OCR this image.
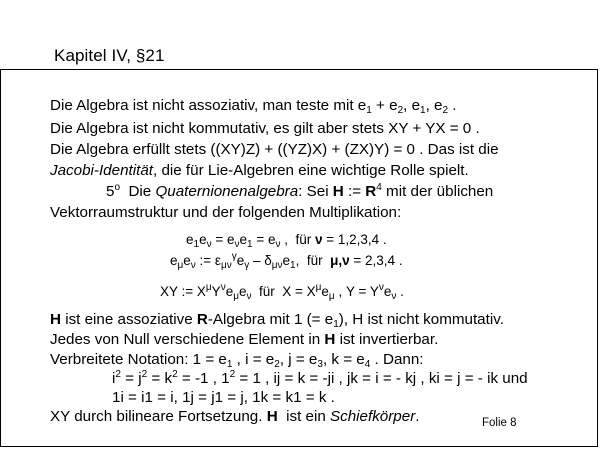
Kapitel IV, §21
Die Algebra ist nicht assoziativ, man teste mit $e_1 + e_2$, $e_1$, $e_2$ .
Die Algebra ist nicht kommutativ, es gilt aber stets XY + YX = 0 .
Die Algebra erfüllt stets ((XY)Z) + ((YZ)X) + (ZX)Y) = 0 . Das ist die
Jacobi-Identität, die für Lie-Algebren eine wichtige Rolle spielt.
5$^o$  Die Quaternionenalgebra: Sei H := $R^4$ mit der üblichen
Vektorraumstruktur und der folgenden Multiplikation:
$e_1e_\nu = e_\nu e_1 = e_\nu$ ,  für ν = 1,2,3,4 .
$e_\mu e_\nu$ := $\varepsilon_{\mu\nu}^\gamma e_\gamma - \delta_{\mu\nu}e_1$,  für  μ,ν = 2,3,4 .
XY := $X^\mu Y^\nu e_\mu e_\nu$  für  $X = X^\mu e_\mu$ , $Y = Y^\nu e_\nu$ .
H ist eine assoziative R-Algebra mit 1 (= $e_1$), H ist nicht kommutativ.
Jedes von Null verschiedene Element in H ist invertierbar.
Verbreitete Notation: $1 = e_1$ , $i = e_2$, $j = e_3$, $k = e_4$ . Dann:
$i^2 = j^2 = k^2 = -1$ , $1^2 = 1$ , ij = k = -ji , jk = i = - kj , ki = j = - ik und
1i = i1 = i, 1j = j1 = j, 1k = k1 = k .
XY durch bilineare Fortsetzung. H  ist ein Schiefkörper.	Folie 8
